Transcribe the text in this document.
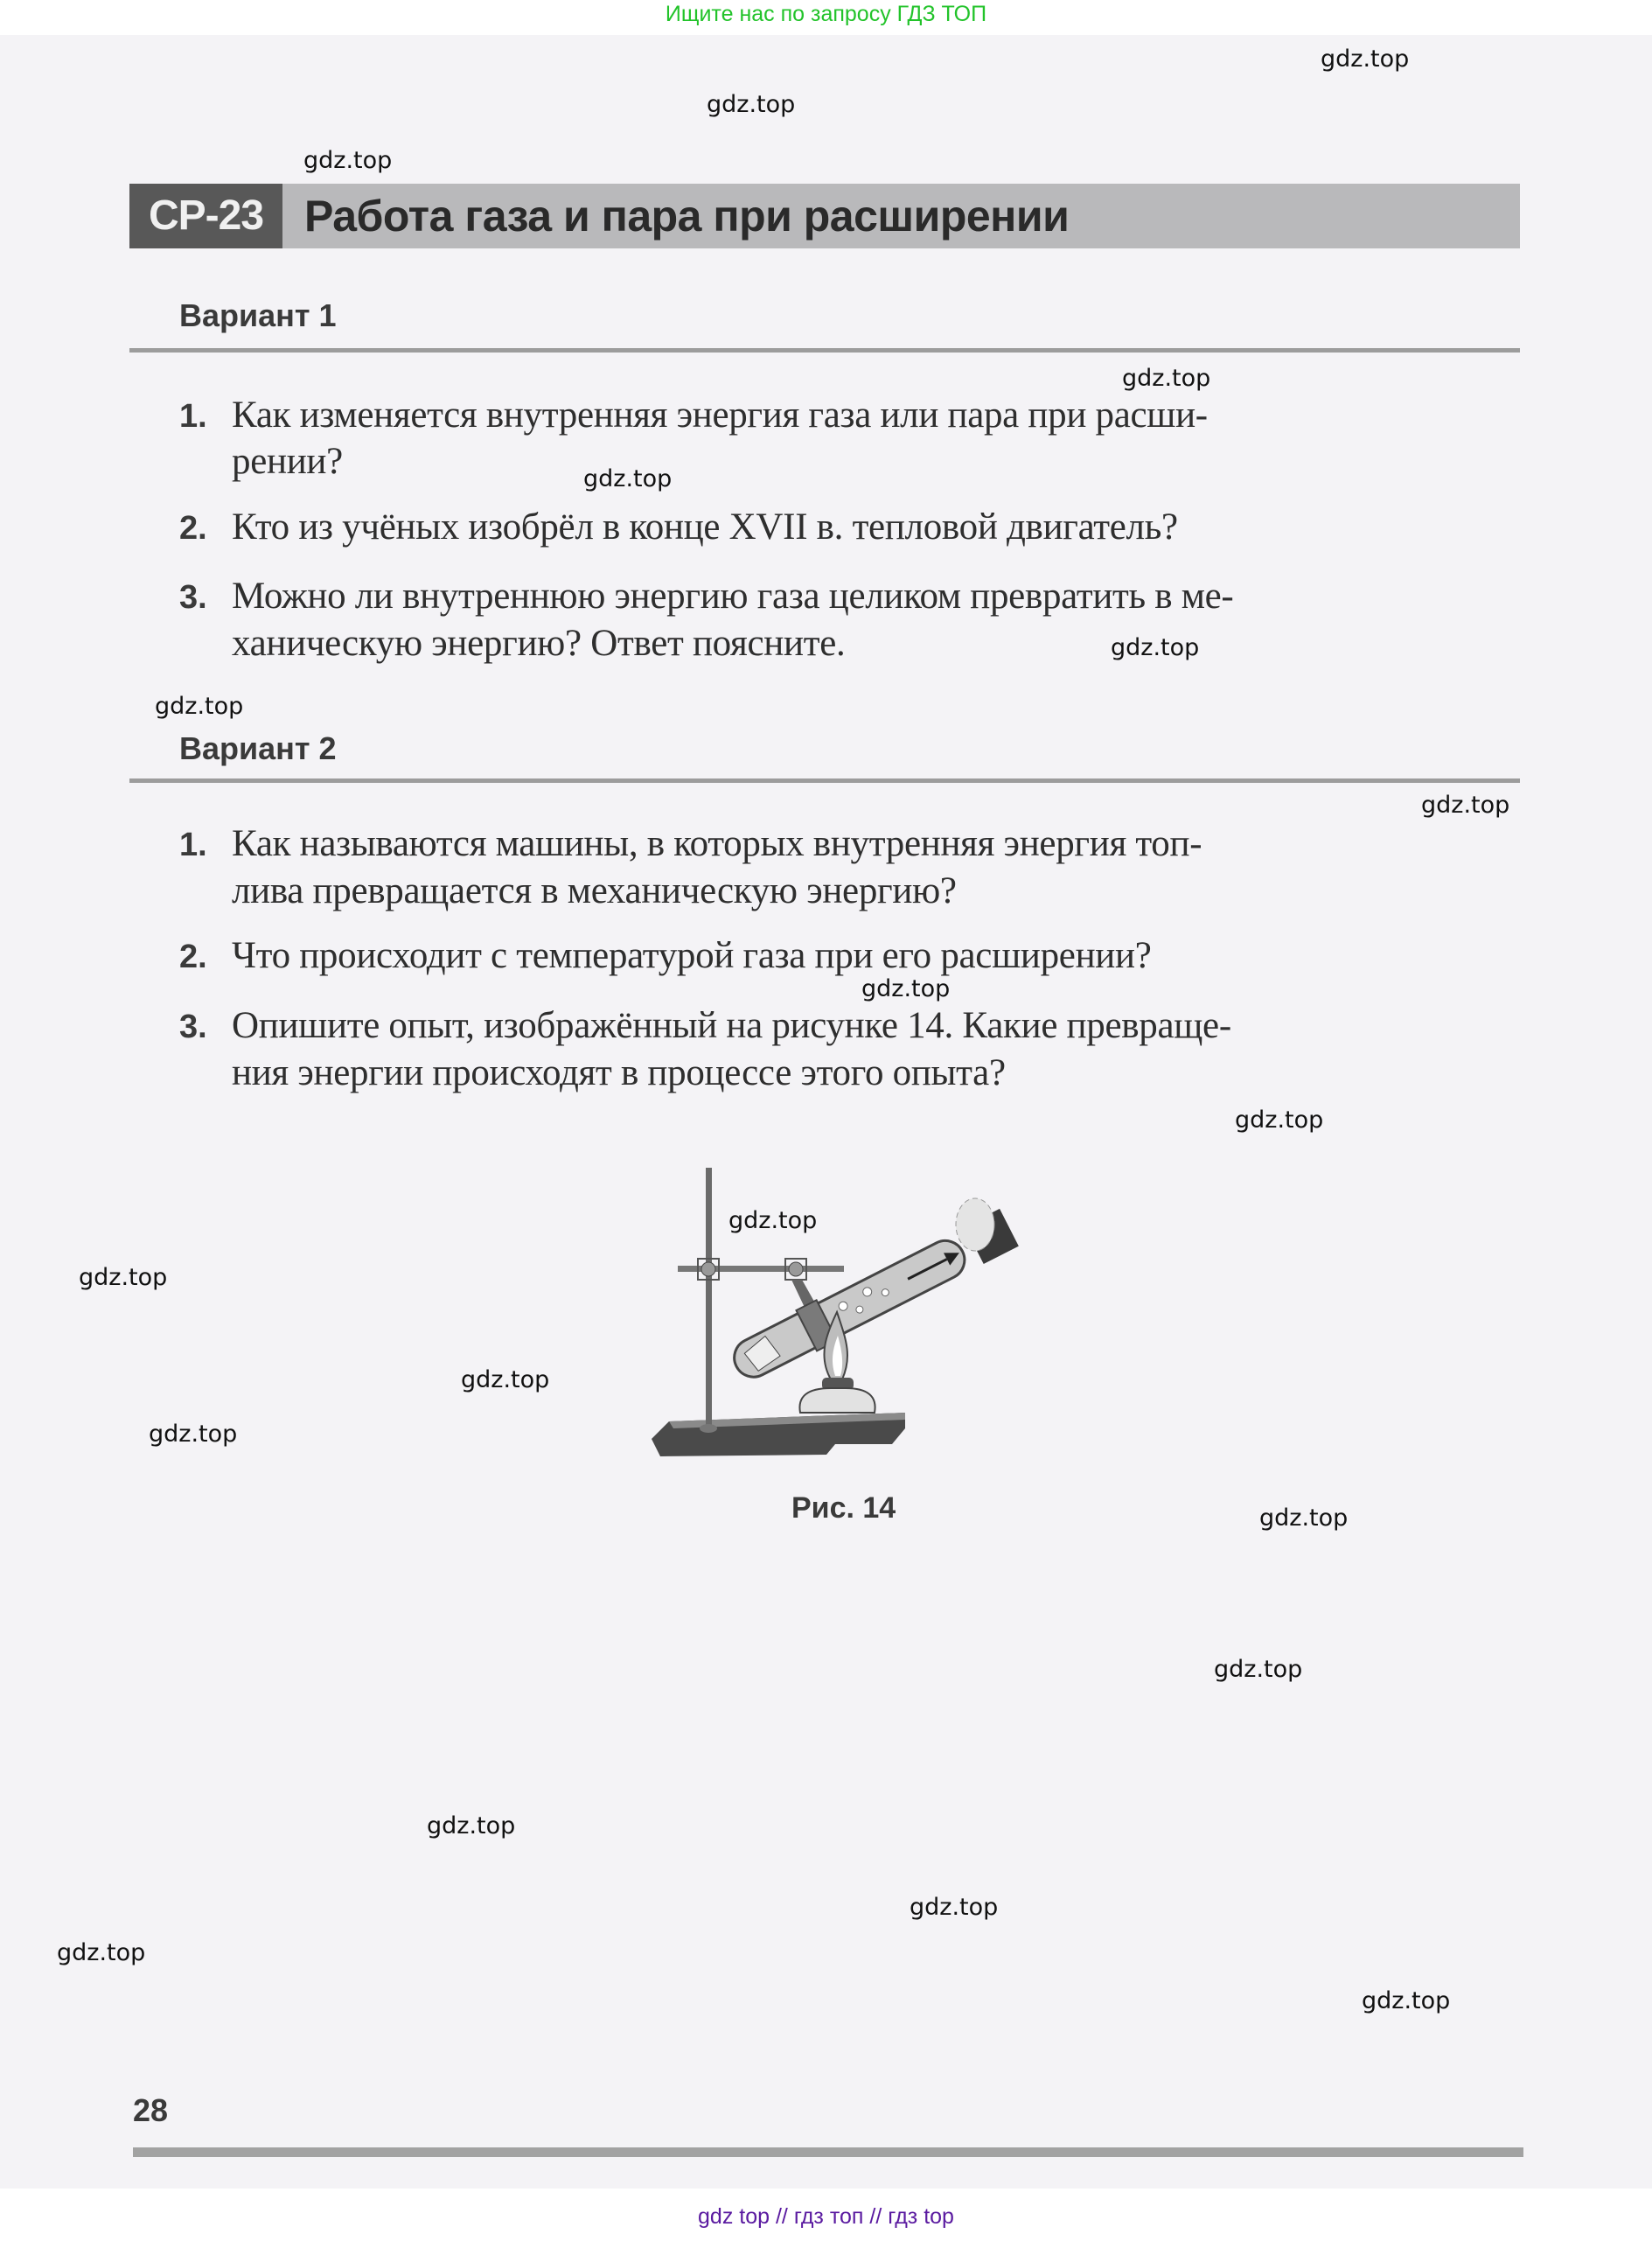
Ищите нас по запросу ГДЗ ТОП
СР-23 Работа газа и пара при расширении
Вариант 1
1. Как изменяется внутренняя энергия газа или пара при расши-
рении?
2. Кто из учёных изобрёл в конце XVII в. тепловой двигатель?
3. Можно ли внутреннюю энергию газа целиком превратить в ме-
ханическую энергию? Ответ поясните.
Вариант 2
1. Как называются машины, в которых внутренняя энергия топ-
лива превращается в механическую энергию?
2. Что происходит с температурой газа при его расширении?
3. Опишите опыт, изображённый на рисунке 14. Какие превраще-
ния энергии происходят в процессе этого опыта?
Рис. 14
gdz.top
gdz.top
gdz.top
gdz.top
gdz.top
gdz.top
gdz.top
gdz.top
gdz.top
gdz.top
gdz.top
gdz.top
gdz.top
gdz.top
gdz.top
gdz.top
gdz.top
gdz.top
gdz.top
gdz.top
28
gdz top // гдз топ // гдз top
